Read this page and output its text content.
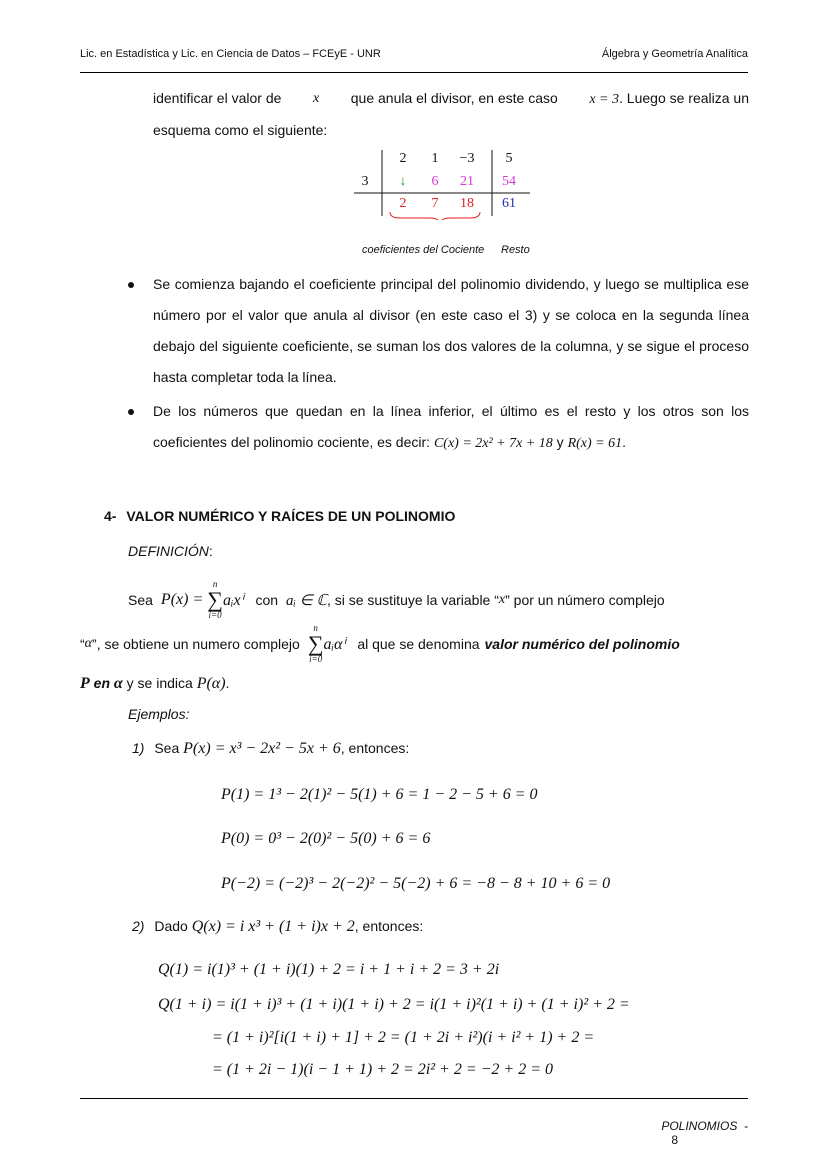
Lic. en Estadística y Lic. en Ciencia de Datos – FCEyE - UNR	Álgebra y Geometría Analítica
identificar el valor de x que anula el divisor, en este caso x = 3. Luego se realiza un
esquema como el siguiente:
3
2	1	−3	5
↓	6	21	54
2	7	18	61
coeficientes del Cociente Resto
Se comienza bajando el coeficiente principal del polinomio dividendo, y luego se multiplica ese número por el valor que anula al divisor (en este caso el 3) y se coloca en la segunda línea debajo del siguiente coeficiente, se suman los dos valores de la columna, y se sigue el proceso hasta completar toda la línea.
De los números que quedan en la línea inferior, el último es el resto y los otros son los coeficientes del polinomio cociente, es decir: C(x) = 2x² + 7x + 18 y R(x) = 61.
4- VALOR NUMÉRICO Y RAÍCES DE UN POLINOMIO
DEFINICIÓN:
Sea P(x) =
n
∑
i=0
aᵢxⁱ con aᵢ ∈ ℂ , si se sustituye la variable “ x ” por un número complejo
“ α ”, se obtiene un numero complejo
n
∑
i=0
aᵢαⁱ al que se denomina valor numérico del polinomio
P en α y se indica P(α).
Ejemplos:
1) Sea P(x) = x³ − 2x² − 5x + 6, entonces:
P(1) = 1³ − 2(1)² − 5(1) + 6 = 1 − 2 − 5 + 6 = 0
P(0) = 0³ − 2(0)² − 5(0) + 6 = 6
P(−2) = (−2)³ − 2(−2)² − 5(−2) + 6 = −8 − 8 + 10 + 6 = 0
2) Dado Q(x) = i x³ + (1 + i)x + 2, entonces:
Q(1) = i(1)³ + (1 + i)(1) + 2 = i + 1 + i + 2 = 3 + 2i
Q(1 + i) = i(1 + i)³ + (1 + i)(1 + i) + 2 = i(1 + i)²(1 + i) + (1 + i)² + 2 =
= (1 + i)²[i(1 + i) + 1] + 2 = (1 + 2i + i²)(i + i² + 1) + 2 =
= (1 + 2i − 1)(i − 1 + 1) + 2 = 2i² + 2 = −2 + 2 = 0

POLINOMIOS  -
8
